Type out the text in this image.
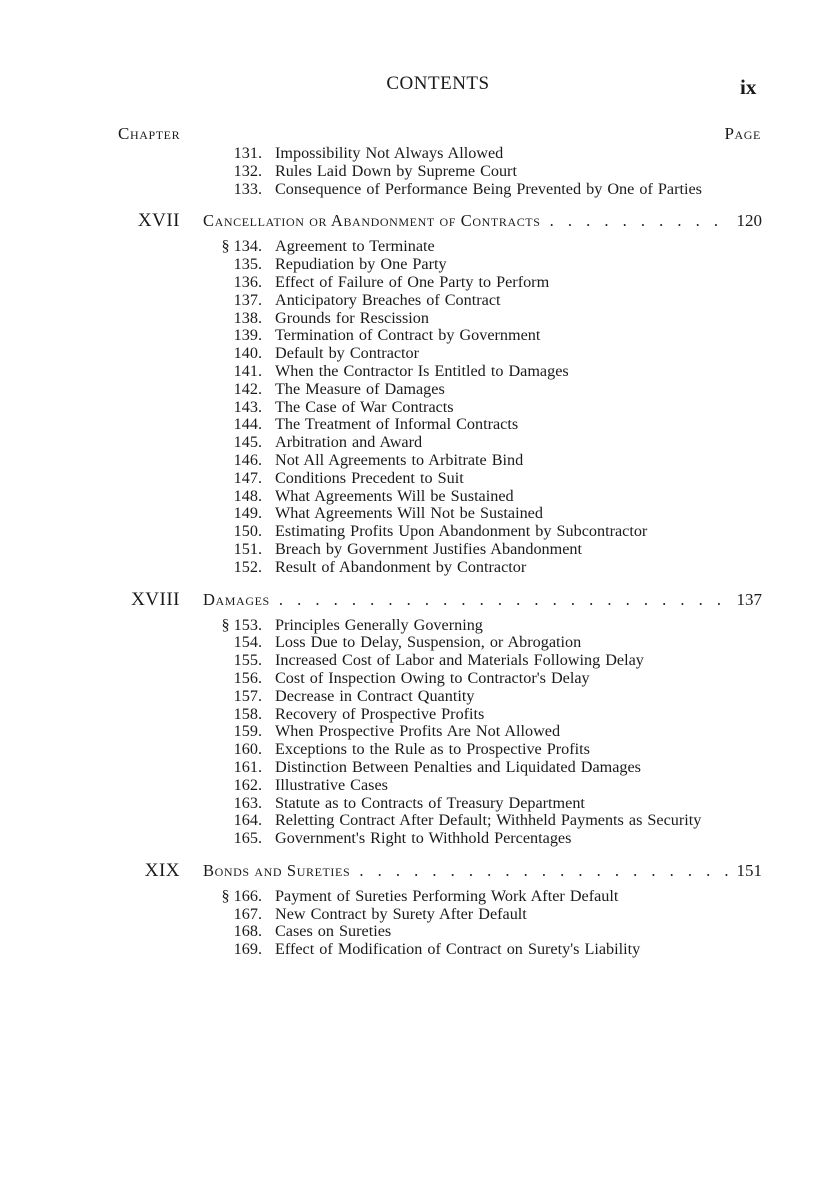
CONTENTS	ix
Chapter	Page
131. Impossibility Not Always Allowed
132. Rules Laid Down by Supreme Court
133. Consequence of Performance Being Prevented by One of Parties
XVII Cancellation or Abandonment of Contracts . . .	120
§ 134. Agreement to Terminate
135. Repudiation by One Party
136. Effect of Failure of One Party to Perform
137. Anticipatory Breaches of Contract
138. Grounds for Rescission
139. Termination of Contract by Government
140. Default by Contractor
141. When the Contractor Is Entitled to Damages
142. The Measure of Damages
143. The Case of War Contracts
144. The Treatment of Informal Contracts
145. Arbitration and Award
146. Not All Agreements to Arbitrate Bind
147. Conditions Precedent to Suit
148. What Agreements Will be Sustained
149. What Agreements Will Not be Sustained
150. Estimating Profits Upon Abandonment by Subcontractor
151. Breach by Government Justifies Abandonment
152. Result of Abandonment by Contractor
XVIII Damages . . .	137
§ 153. Principles Generally Governing
154. Loss Due to Delay, Suspension, or Abrogation
155. Increased Cost of Labor and Materials Following Delay
156. Cost of Inspection Owing to Contractor's Delay
157. Decrease in Contract Quantity
158. Recovery of Prospective Profits
159. When Prospective Profits Are Not Allowed
160. Exceptions to the Rule as to Prospective Profits
161. Distinction Between Penalties and Liquidated Damages
162. Illustrative Cases
163. Statute as to Contracts of Treasury Department
164. Reletting Contract After Default; Withheld Payments as Security
165. Government's Right to Withhold Percentages
XIX Bonds and Sureties . . .	151
§ 166. Payment of Sureties Performing Work After Default
167. New Contract by Surety After Default
168. Cases on Sureties
169. Effect of Modification of Contract on Surety's Liability
